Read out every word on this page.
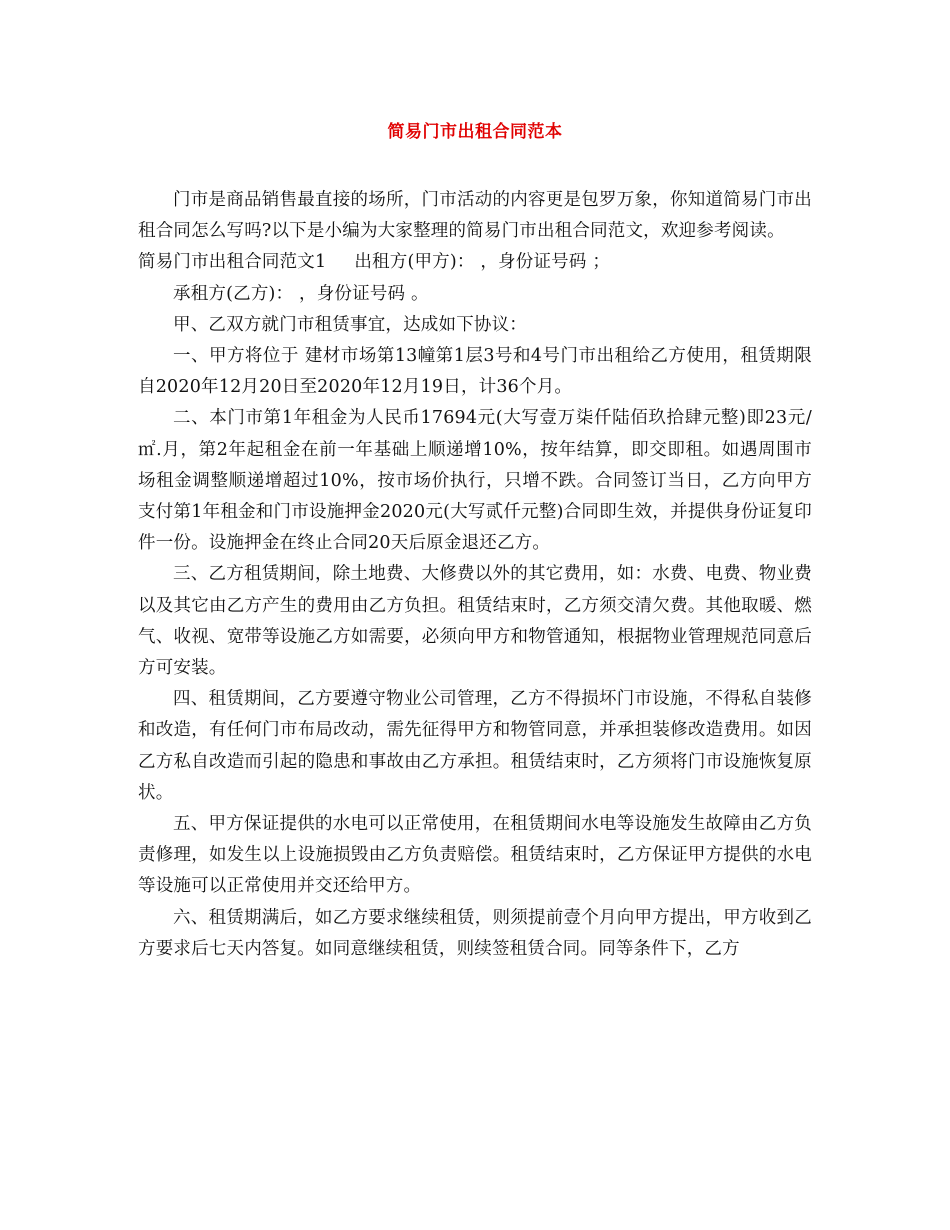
简易门市出租合同范本

门市是商品销售最直接的场所，门市活动的内容更是包罗万象，你知道简易门市出租合同怎么写吗?以下是小编为大家整理的简易门市出租合同范文，欢迎参考阅读。

简易门市出租合同范文1 出租方(甲方)： ，身份证号码 ；

承租方(乙方)： ，身份证号码 。

甲、乙双方就门市租赁事宜，达成如下协议：

一、甲方将位于 建材市场第13幢第1层3号和4号门市出租给乙方使用，租赁期限自2020年12月20日至2020年12月19日，计36个月。

二、本门市第1年租金为人民币17694元(大写壹万柒仟陆佰玖拾肆元整)即23元/㎡.月，第2年起租金在前一年基础上顺递增10%，按年结算，即交即租。如遇周围市场租金调整顺递增超过10%，按市场价执行，只增不跌。合同签订当日，乙方向甲方支付第1年租金和门市设施押金2020元(大写贰仟元整)合同即生效，并提供身份证复印件一份。设施押金在终止合同20天后原金退还乙方。

三、乙方租赁期间，除土地费、大修费以外的其它费用，如：水费、电费、物业费以及其它由乙方产生的费用由乙方负担。租赁结束时，乙方须交清欠费。其他取暖、燃气、收视、宽带等设施乙方如需要，必须向甲方和物管通知，根据物业管理规范同意后方可安装。

四、租赁期间，乙方要遵守物业公司管理，乙方不得损坏门市设施，不得私自装修和改造，有任何门市布局改动，需先征得甲方和物管同意，并承担装修改造费用。如因乙方私自改造而引起的隐患和事故由乙方承担。租赁结束时，乙方须将门市设施恢复原状。

五、甲方保证提供的水电可以正常使用，在租赁期间水电等设施发生故障由乙方负责修理，如发生以上设施损毁由乙方负责赔偿。租赁结束时，乙方保证甲方提供的水电等设施可以正常使用并交还给甲方。

六、租赁期满后，如乙方要求继续租赁，则须提前壹个月向甲方提出，甲方收到乙方要求后七天内答复。如同意继续租赁，则续签租赁合同。同等条件下，乙方
